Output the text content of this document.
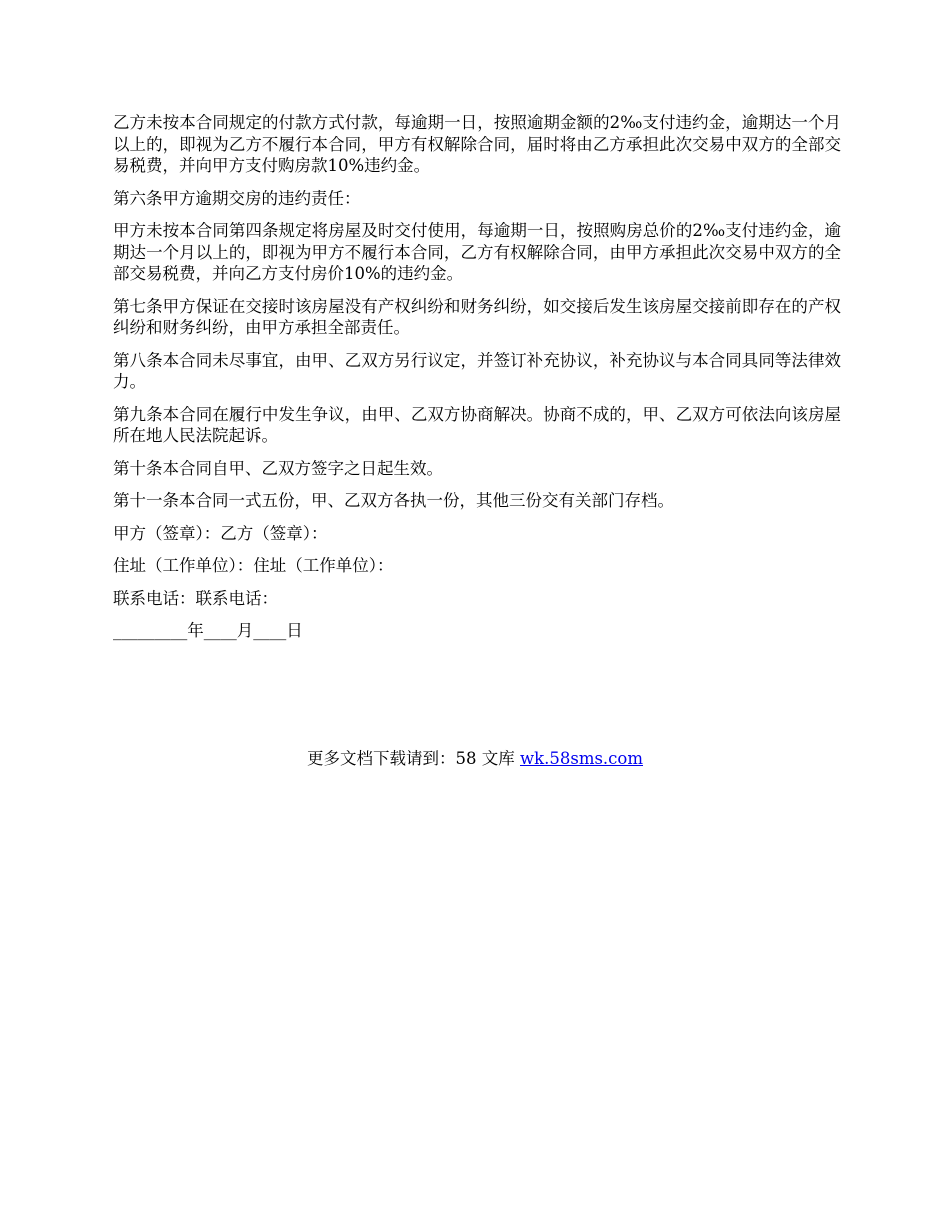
乙方未按本合同规定的付款方式付款，每逾期一日，按照逾期金额的2‰支付违约金，逾期达一个月以上的，即视为乙方不履行本合同，甲方有权解除合同，届时将由乙方承担此次交易中双方的全部交易税费，并向甲方支付购房款10%违约金。

第六条甲方逾期交房的违约责任：

甲方未按本合同第四条规定将房屋及时交付使用，每逾期一日，按照购房总价的2‰支付违约金，逾期达一个月以上的，即视为甲方不履行本合同，乙方有权解除合同，由甲方承担此次交易中双方的全部交易税费，并向乙方支付房价10%的违约金。

第七条甲方保证在交接时该房屋没有产权纠纷和财务纠纷，如交接后发生该房屋交接前即存在的产权纠纷和财务纠纷，由甲方承担全部责任。

第八条本合同未尽事宜，由甲、乙双方另行议定，并签订补充协议，补充协议与本合同具同等法律效力。

第九条本合同在履行中发生争议，由甲、乙双方协商解决。协商不成的，甲、乙双方可依法向该房屋所在地人民法院起诉。

第十条本合同自甲、乙双方签字之日起生效。

第十一条本合同一式五份，甲、乙双方各执一份，其他三份交有关部门存档。

甲方（签章）：乙方（签章）：

住址（工作单位）：住址（工作单位）：

联系电话：联系电话：

_________年____月____日

更多文档下载请到：58 文库 wk.58sms.com
